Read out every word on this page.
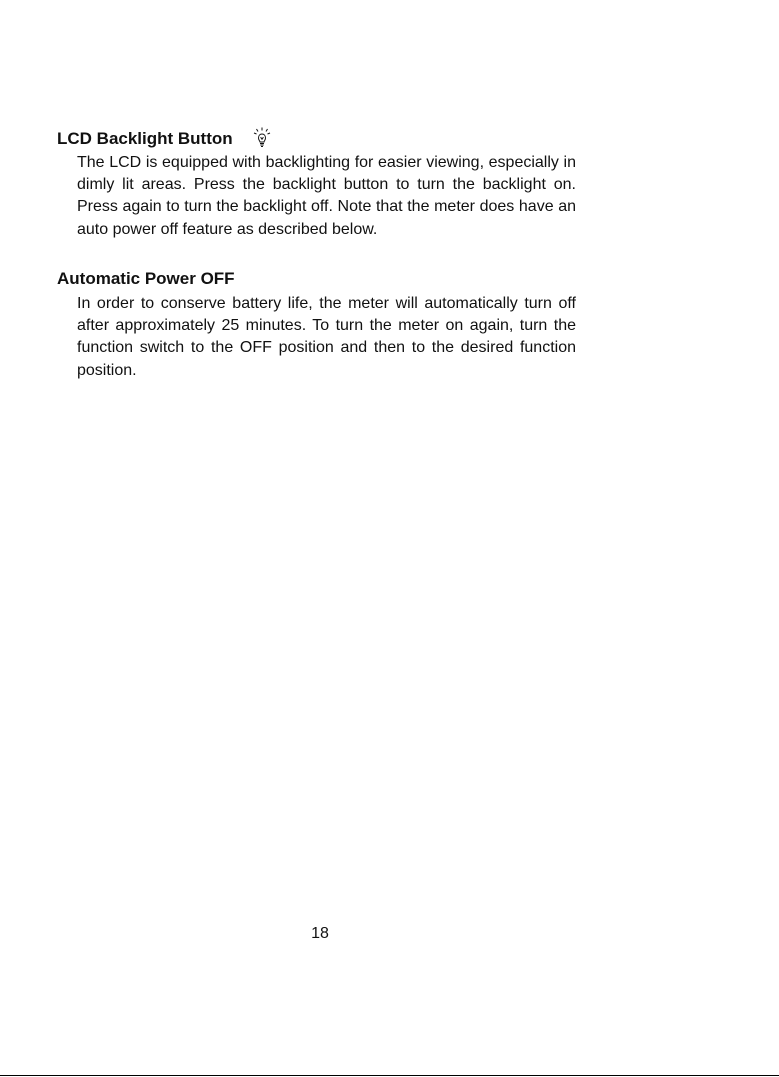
LCD Backlight Button

The LCD is equipped with backlighting for easier viewing, especially in dimly lit areas. Press the backlight button to turn the backlight on. Press again to turn the backlight off. Note that the meter does have an auto power off feature as described below.

Automatic Power OFF

In order to conserve battery life, the meter will automatically turn off after approximately 25 minutes. To turn the meter on again, turn the function switch to the OFF position and then to the desired function position.

18
